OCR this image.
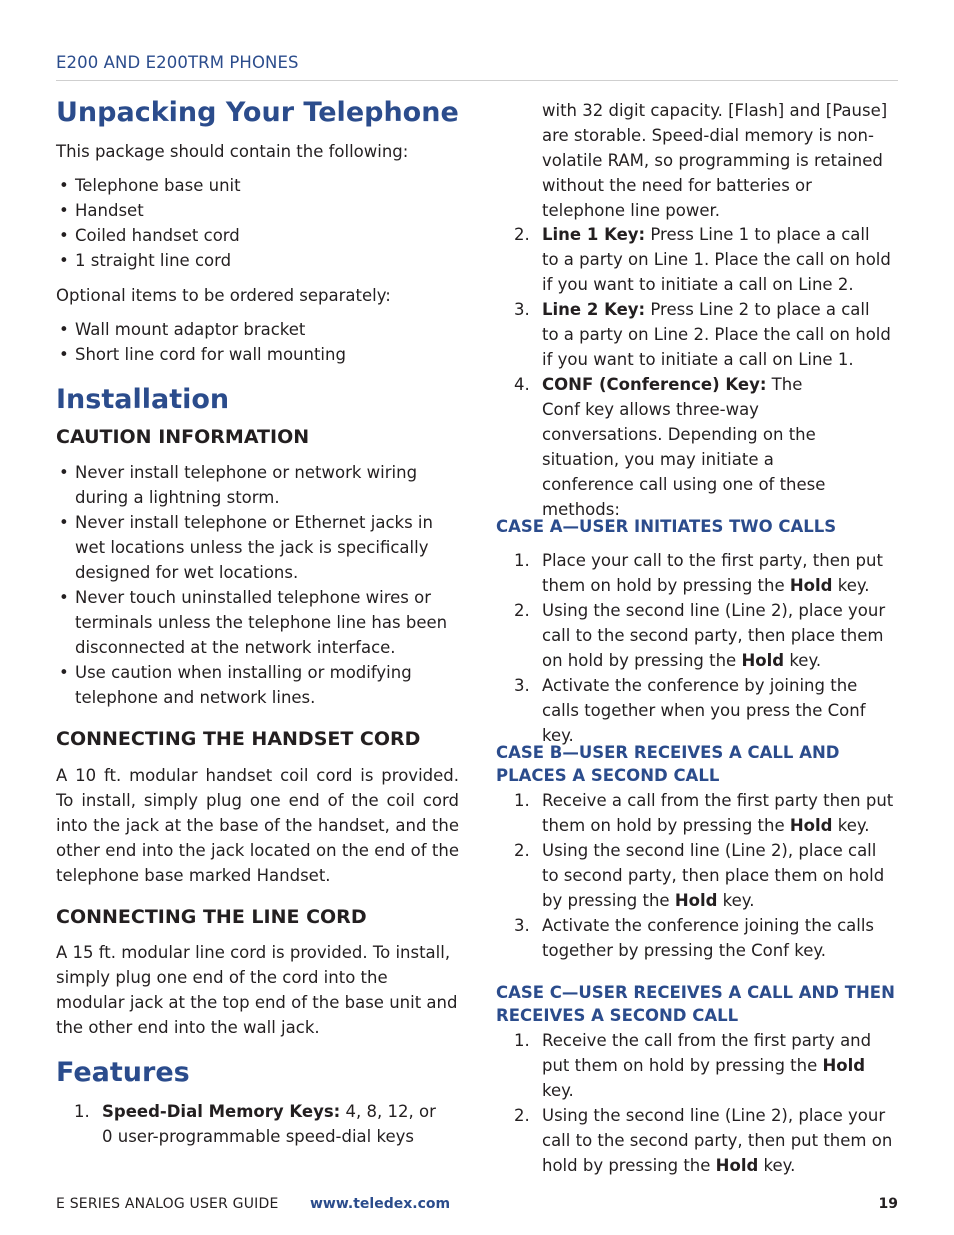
E200 AND E200TRM PHONES
Unpacking Your Telephone
This package should contain the following:
• Telephone base unit
• Handset
• Coiled handset cord
• 1 straight line cord
Optional items to be ordered separately:
• Wall mount adaptor bracket
• Short line cord for wall mounting
Installation
CAUTION INFORMATION
• Never install telephone or network wiring during a lightning storm.
• Never install telephone or Ethernet jacks in wet locations unless the jack is specifically designed for wet locations.
• Never touch uninstalled telephone wires or terminals unless the telephone line has been disconnected at the network interface.
• Use caution when installing or modifying telephone and network lines.
CONNECTING THE HANDSET CORD
A 10 ft. modular handset coil cord is provided. To install, simply plug one end of the coil cord into the jack at the base of the handset, and the other end into the jack located on the end of the telephone base marked Handset.
CONNECTING THE LINE CORD
A 15 ft. modular line cord is provided. To install, simply plug one end of the cord into the modular jack at the top end of the base unit and the other end into the wall jack.
Features
1. Speed-Dial Memory Keys: 4, 8, 12, or 0 user-programmable speed-dial keys
with 32 digit capacity. [Flash] and [Pause] are storable. Speed-dial memory is non-volatile RAM, so programming is retained without the need for batteries or telephone line power.
2. Line 1 Key: Press Line 1 to place a call to a party on Line 1. Place the call on hold if you want to initiate a call on Line 2.
3. Line 2 Key: Press Line 2 to place a call to a party on Line 2. Place the call on hold if you want to initiate a call on Line 1.
4. CONF (Conference) Key: The Conf key allows three-way conversations. Depending on the situation, you may initiate a conference call using one of these methods:
CASE A—USER INITIATES TWO CALLS
1. Place your call to the first party, then put them on hold by pressing the Hold key.
2. Using the second line (Line 2), place your call to the second party, then place them on hold by pressing the Hold key.
3. Activate the conference by joining the calls together when you press the Conf key.
CASE B—USER RECEIVES A CALL AND PLACES A SECOND CALL
1. Receive a call from the first party then put them on hold by pressing the Hold key.
2. Using the second line (Line 2), place call to second party, then place them on hold by pressing the Hold key.
3. Activate the conference joining the calls together by pressing the Conf key.
CASE C—USER RECEIVES A CALL AND THEN RECEIVES A SECOND CALL
1. Receive the call from the first party and put them on hold by pressing the Hold key.
2. Using the second line (Line 2), place your call to the second party, then put them on hold by pressing the Hold key.
E SERIES ANALOG USER GUIDE www.teledex.com	19
